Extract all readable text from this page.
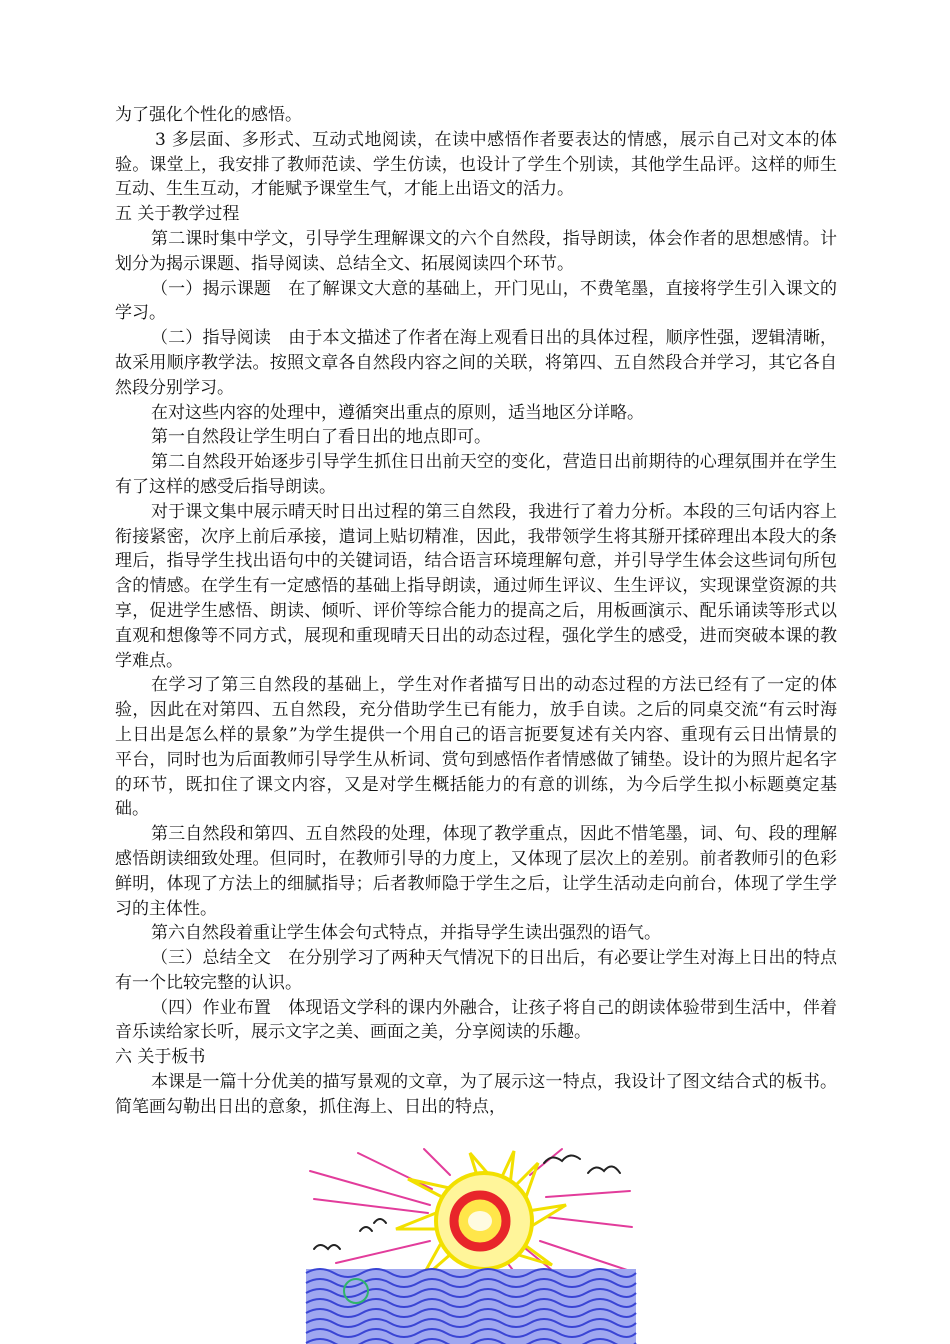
为了强化个性化的感悟。

3 多层面、多形式、互动式地阅读，在读中感悟作者要表达的情感，展示自己对文本的体验。课堂上，我安排了教师范读、学生仿读，也设计了学生个别读，其他学生品评。这样的师生互动、生生互动，才能赋予课堂生气，才能上出语文的活力。

五 关于教学过程

第二课时集中学文，引导学生理解课文的六个自然段，指导朗读，体会作者的思想感情。计划分为揭示课题、指导阅读、总结全文、拓展阅读四个环节。

（一）揭示课题　在了解课文大意的基础上，开门见山，不费笔墨，直接将学生引入课文的学习。

（二）指导阅读　由于本文描述了作者在海上观看日出的具体过程，顺序性强，逻辑清晰，故采用顺序教学法。按照文章各自然段内容之间的关联，将第四、五自然段合并学习，其它各自然段分别学习。

在对这些内容的处理中，遵循突出重点的原则，适当地区分详略。

第一自然段让学生明白了看日出的地点即可。

第二自然段开始逐步引导学生抓住日出前天空的变化，营造日出前期待的心理氛围并在学生有了这样的感受后指导朗读。

对于课文集中展示晴天时日出过程的第三自然段，我进行了着力分析。本段的三句话内容上衔接紧密，次序上前后承接，遣词上贴切精准，因此，我带领学生将其掰开揉碎理出本段大的条理后，指导学生找出语句中的关键词语，结合语言环境理解句意，并引导学生体会这些词句所包含的情感。在学生有一定感悟的基础上指导朗读，通过师生评议、生生评议，实现课堂资源的共享，促进学生感悟、朗读、倾听、评价等综合能力的提高之后，用板画演示、配乐诵读等形式以直观和想像等不同方式，展现和重现晴天日出的动态过程，强化学生的感受，进而突破本课的教学难点。

在学习了第三自然段的基础上，学生对作者描写日出的动态过程的方法已经有了一定的体验，因此在对第四、五自然段，充分借助学生已有能力，放手自读。之后的同桌交流“有云时海上日出是怎么样的景象”为学生提供一个用自己的语言扼要复述有关内容、重现有云日出情景的平台，同时也为后面教师引导学生从析词、赏句到感悟作者情感做了铺垫。设计的为照片起名字的环节，既扣住了课文内容，又是对学生概括能力的有意的训练，为今后学生拟小标题奠定基础。

第三自然段和第四、五自然段的处理，体现了教学重点，因此不惜笔墨，词、句、段的理解感悟朗读细致处理。但同时，在教师引导的力度上，又体现了层次上的差别。前者教师引的色彩鲜明，体现了方法上的细腻指导；后者教师隐于学生之后，让学生活动走向前台，体现了学生学习的主体性。

第六自然段着重让学生体会句式特点，并指导学生读出强烈的语气。

（三）总结全文　在分别学习了两种天气情况下的日出后，有必要让学生对海上日出的特点有一个比较完整的认识。

（四）作业布置　体现语文学科的课内外融合，让孩子将自己的朗读体验带到生活中，伴着音乐读给家长听，展示文字之美、画面之美，分享阅读的乐趣。

六 关于板书

本课是一篇十分优美的描写景观的文章，为了展示这一特点，我设计了图文结合式的板书。简笔画勾勒出日出的意象，抓住海上、日出的特点，
